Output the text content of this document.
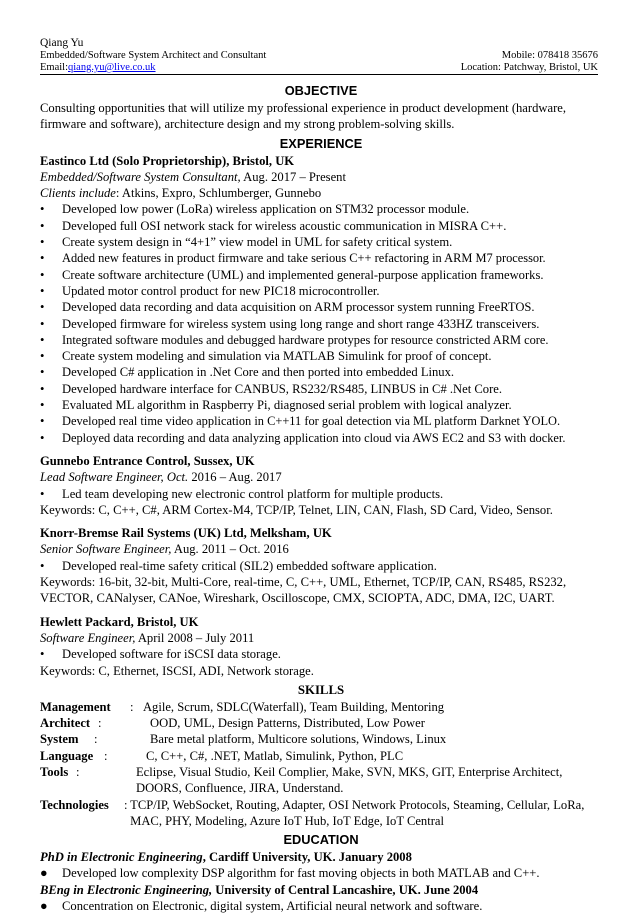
Qiang Yu
Embedded/Software System Architect and Consultant	Mobile: 078418 35676
Email:qiang.yu@live.co.uk	Location: Patchway, Bristol, UK
OBJECTIVE

Consulting opportunities that will utilize my professional experience in product development (hardware, firmware and software), architecture design and my strong problem-solving skills.

EXPERIENCE

Eastinco Ltd (Solo Proprietorship), Bristol, UK

Embedded/Software System Consultant, Aug. 2017 – Present

Clients include: Atkins, Expro, Schlumberger, Gunnebo

•	Developed low power (LoRa) wireless application on STM32 processor module.
•	Developed full OSI network stack for wireless acoustic communication in MISRA C++.
•	Create system design in “4+1” view model in UML for safety critical system.
•	Added new features in product firmware and take serious C++ refactoring in ARM M7 processor.
•	Create software architecture (UML) and implemented general-purpose application frameworks.
•	Updated motor control product for new PIC18 microcontroller.
•	Developed data recording and data acquisition on ARM processor system running FreeRTOS.
•	Developed firmware for wireless system using long range and short range 433HZ transceivers.
•	Integrated software modules and debugged hardware protypes for resource constricted ARM core.
•	Create system modeling and simulation via MATLAB Simulink for proof of concept.
•	Developed C# application in .Net Core and then ported into embedded Linux.
•	Developed hardware interface for CANBUS, RS232/RS485, LINBUS in C# .Net Core.
•	Evaluated ML algorithm in Raspberry Pi, diagnosed serial problem with logical analyzer.
•	Developed real time video application in C++11 for goal detection via ML platform Darknet YOLO.
•	Deployed data recording and data analyzing application into cloud via AWS EC2 and S3 with docker.

Gunnebo Entrance Control, Sussex, UK

Lead Software Engineer, Oct. 2016 – Aug. 2017

•	Led team developing new electronic control platform for multiple products.

Keywords: C, C++, C#, ARM Cortex-M4, TCP/IP, Telnet, LIN, CAN, Flash, SD Card, Video, Sensor.

Knorr-Bremse Rail Systems (UK) Ltd, Melksham, UK

Senior Software Engineer, Aug. 2011 – Oct. 2016

•	Developed real-time safety critical (SIL2) embedded software application.

Keywords: 16-bit, 32-bit, Multi-Core, real-time, C, C++, UML, Ethernet, TCP/IP, CAN, RS485, RS232, VECTOR, CANalyser, CANoe, Wireshark, Oscilloscope, CMX, SCIOPTA, ADC, DMA, I2C, UART.

Hewlett Packard, Bristol, UK

Software Engineer, April 2008 – July 2011

•	Developed software for iSCSI data storage.

Keywords: C, Ethernet, ISCSI, ADI, Network storage.

SKILLS
Management	: Agile, Scrum, SDLC(Waterfall), Team Building, Mentoring
Architect :	OOD, UML, Design Patterns, Distributed, Low Power
System	:	Bare metal platform, Multicore solutions, Windows, Linux
Language :	C, C++, C#, .NET, Matlab, Simulink, Python, PLC
Tools :	Eclipse, Visual Studio, Keil Complier, Make, SVN, MKS, GIT, Enterprise Architect, DOORS, Confluence, JIRA, Understand.
Technologies	: TCP/IP, WebSocket, Routing, Adapter, OSI Network Protocols, Steaming, Cellular, LoRa, MAC, PHY, Modeling, Azure IoT Hub, IoT Edge, IoT Central
EDUCATION

PhD in Electronic Engineering, Cardiff University, UK. January 2008

●	Developed low complexity DSP algorithm for fast moving objects in both MATLAB and C++.

BEng in Electronic Engineering, University of Central Lancashire, UK. June 2004

●	Concentration on Electronic, digital system, Artificial neural network and software.
